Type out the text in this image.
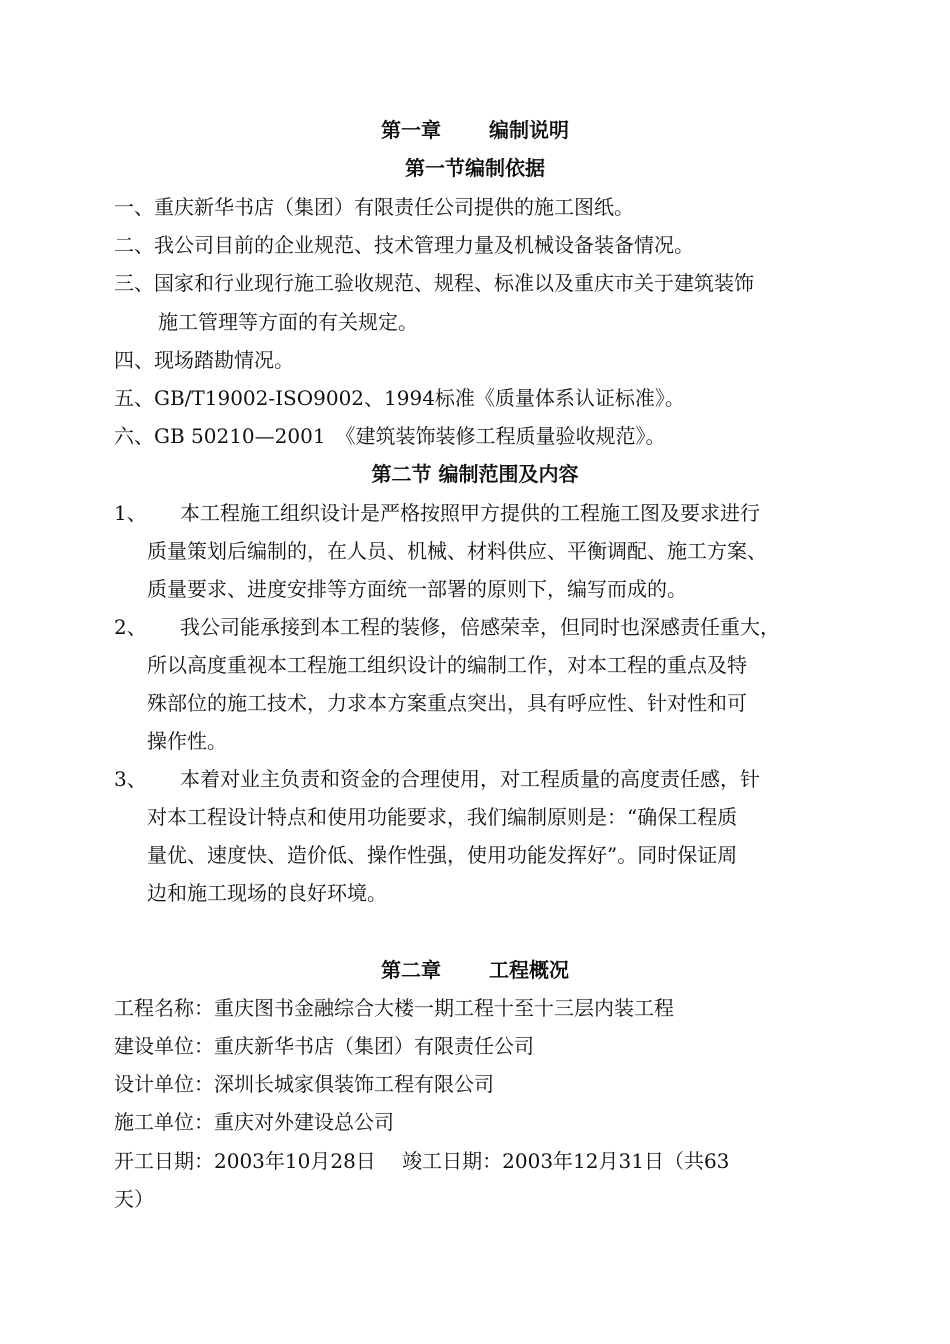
第一章 编制说明
第一节编制依据
一、重庆新华书店（集团）有限责任公司提供的施工图纸。
二、我公司目前的企业规范、技术管理力量及机械设备装备情况。
三、国家和行业现行施工验收规范、规程、标准以及重庆市关于建筑装饰
施工管理等方面的有关规定。
四、现场踏勘情况。
五、GB/T19002-ISO9002、1994标准《质量体系认证标准》。
六、GB 50210—2001　《建筑装饰装修工程质量验收规范》。
第二节 编制范围及内容
1、 本工程施工组织设计是严格按照甲方提供的工程施工图及要求进行
质量策划后编制的，在人员、机械、材料供应、平衡调配、施工方案、
质量要求、进度安排等方面统一部署的原则下，编写而成的。
2、 我公司能承接到本工程的装修，倍感荣幸，但同时也深感责任重大，
所以高度重视本工程施工组织设计的编制工作，对本工程的重点及特
殊部位的施工技术，力求本方案重点突出，具有呼应性、针对性和可
操作性。
3、 本着对业主负责和资金的合理使用，对工程质量的高度责任感，针
对本工程设计特点和使用功能要求，我们编制原则是：“确保工程质
量优、速度快、造价低、操作性强，使用功能发挥好”。同时保证周
边和施工现场的良好环境。
第二章 工程概况
工程名称：重庆图书金融综合大楼一期工程十至十三层内装工程
建设单位：重庆新华书店（集团）有限责任公司
设计单位：深圳长城家俱装饰工程有限公司
施工单位：重庆对外建设总公司
开工日期：2003年10月28日　 竣工日期：2003年12月31日（共63
天）
